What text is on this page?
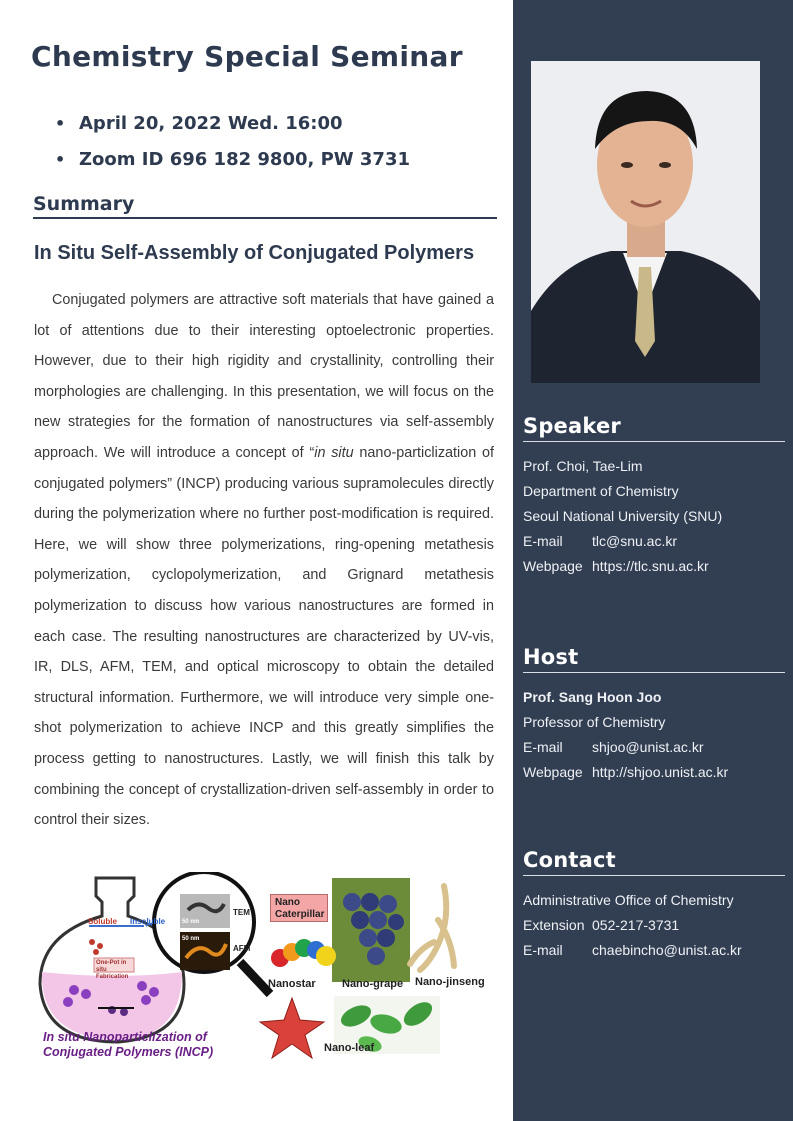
Chemistry Special Seminar
• April 20, 2022 Wed. 16:00
• Zoom ID 696 182 9800, PW 3731
Summary
In Situ Self-Assembly of Conjugated Polymers
Conjugated polymers are attractive soft materials that have gained a lot of attentions due to their interesting optoelectronic properties. However, due to their high rigidity and crystallinity, controlling their morphologies are challenging. In this presentation, we will focus on the new strategies for the formation of nanostructures via self-assembly approach. We will introduce a concept of “in situ nano-particlization of conjugated polymers” (INCP) producing various supramolecules directly during the polymerization where no further post-modification is required. Here, we will show three polymerizations, ring-opening metathesis polymerization, cyclopolymerization, and Grignard metathesis polymerization to discuss how various nanostructures are formed in each case. The resulting nanostructures are characterized by UV-vis, IR, DLS, AFM, TEM, and optical microscopy to obtain the detailed structural information. Furthermore, we will introduce very simple one-shot polymerization to achieve INCP and this greatly simplifies the process getting to nanostructures. Lastly, we will finish this talk by combining the concept of crystallization-driven self-assembly in order to control their sizes.
Soluble Insoluble
One-Pot in situ Fabrication
50 nm
50 nm
TEM
AFM
Nano Caterpillar
Nanostar Nano-grape Nano-jinseng
Nano-leaf
In situ Nanoparticlization of
Conjugated Polymers (INCP)
Speaker
Prof. Choi, Tae-Lim
Department of Chemistry
Seoul National University (SNU)
E-mail tlc@snu.ac.kr
Webpage https://tlc.snu.ac.kr
Host
Prof. Sang Hoon Joo
Professor of Chemistry
E-mail shjoo@unist.ac.kr
Webpage http://shjoo.unist.ac.kr
Contact
Administrative Office of Chemistry
Extension 052-217-3731
E-mail chaebincho@unist.ac.kr
